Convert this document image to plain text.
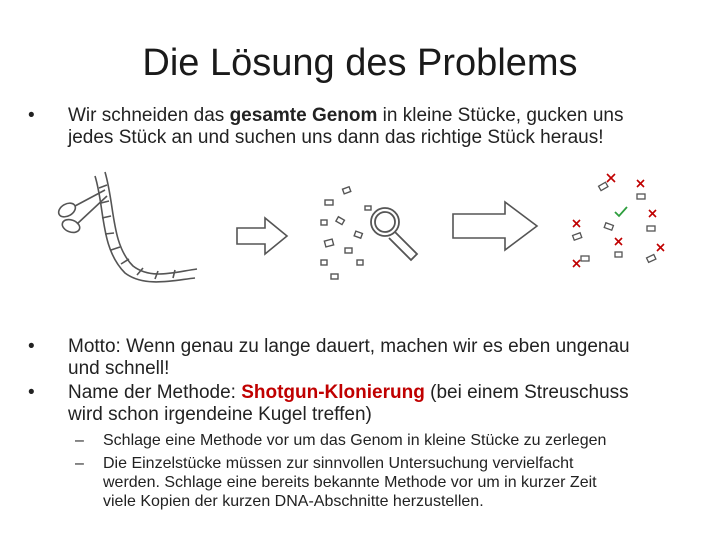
Die Lösung des Problems
• Wir schneiden das gesamte Genom in kleine Stücke, gucken uns
jedes Stück an und suchen uns dann das richtige Stück heraus!
• Motto: Wenn genau zu lange dauert, machen wir es eben ungenau
und schnell!
• Name der Methode: Shotgun-Klonierung (bei einem Streuschuss
wird schon irgendeine Kugel treffen)
– Schlage eine Methode vor um das Genom in kleine Stücke zu zerlegen
– Die Einzelstücke müssen zur sinnvollen Untersuchung vervielfacht
werden. Schlage eine bereits bekannte Methode vor um in kurzer Zeit
viele Kopien der kurzen DNA-Abschnitte herzustellen.
